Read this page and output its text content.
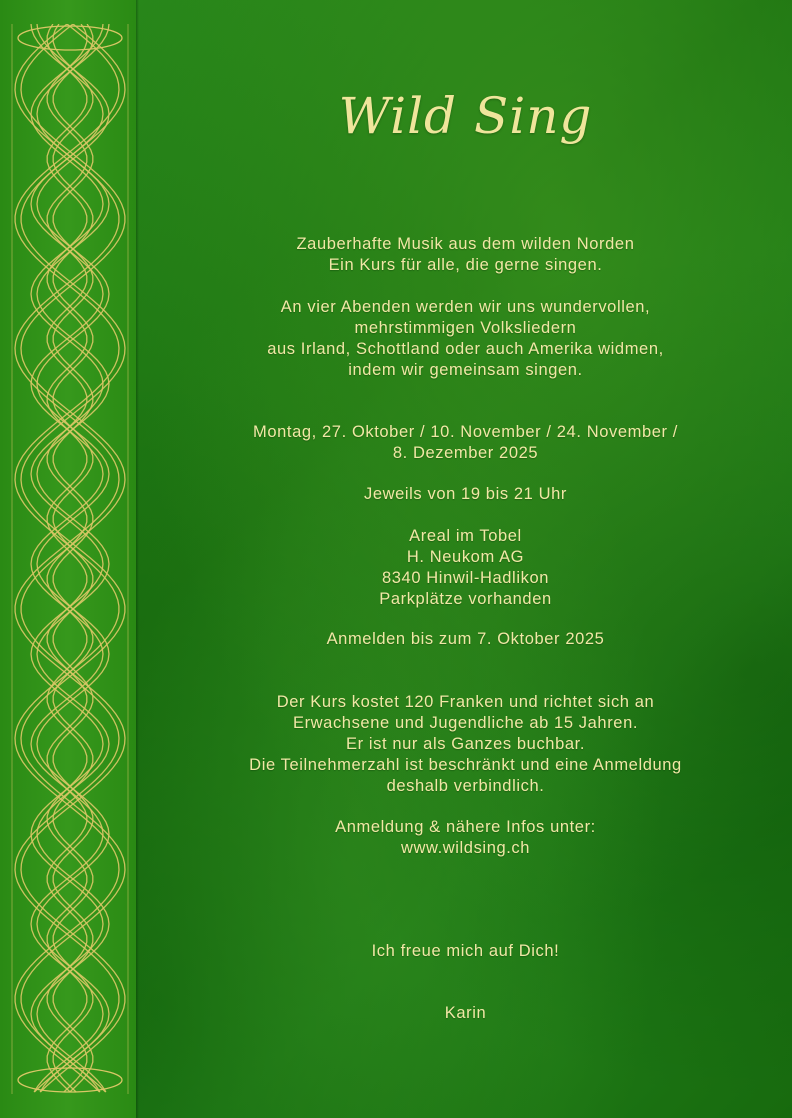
Wild Sing
Zauberhafte Musik aus dem wilden Norden
Ein Kurs für alle, die gerne singen.
An vier Abenden werden wir uns wundervollen,
mehrstimmigen Volksliedern
aus Irland, Schottland oder auch Amerika widmen,
indem wir gemeinsam singen.
Montag, 27. Oktober / 10. November / 24. November /
8. Dezember 2025
Jeweils von 19 bis 21 Uhr
Areal im Tobel
H. Neukom AG
8340 Hinwil-Hadlikon
Parkplätze vorhanden
Anmelden bis zum 7. Oktober 2025
Der Kurs kostet 120 Franken und richtet sich an
Erwachsene und Jugendliche ab 15 Jahren.
Er ist nur als Ganzes buchbar.
Die Teilnehmerzahl ist beschränkt und eine Anmeldung
deshalb verbindlich.
Anmeldung & nähere Infos unter:
www.wildsing.ch
Ich freue mich auf Dich!
Karin
